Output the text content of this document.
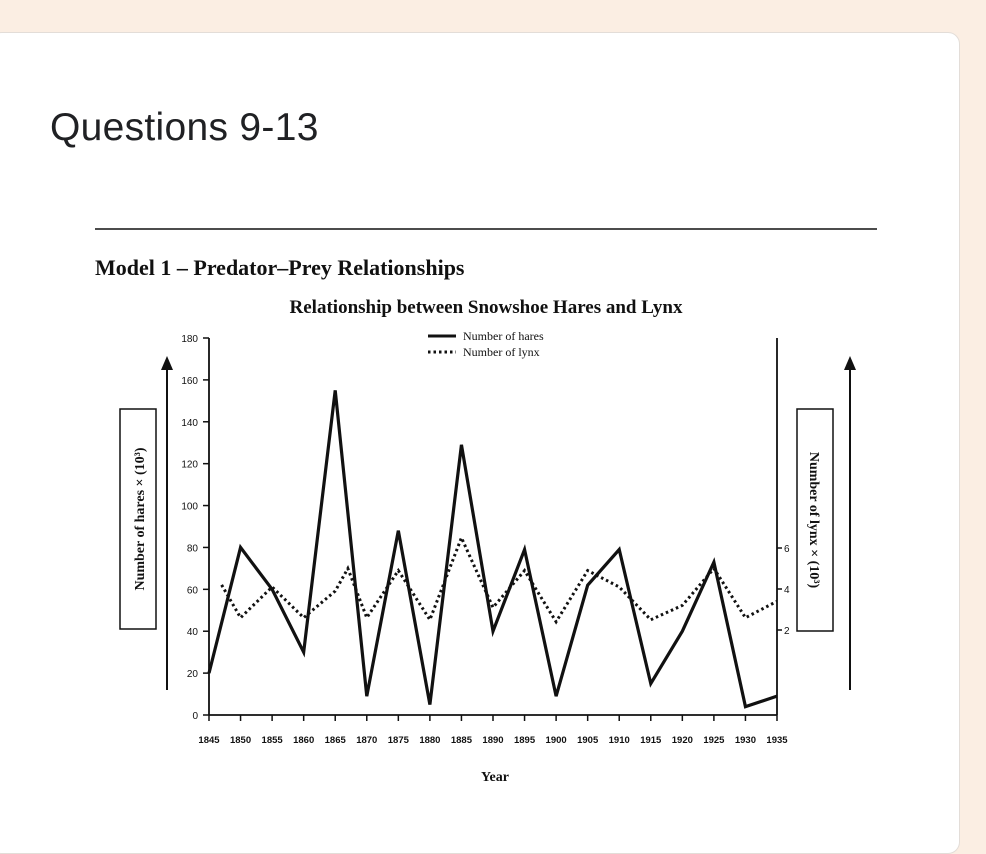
Questions 9-13
Model 1 – Predator–Prey Relationships
Relationship between Snowshoe Hares and Lynx
Number of hares
Number of lynx
0
20
40
60
80
100
120
140
160
180
2
4
6
1845 1850 1855 1860 1865 1870 1875 1880 1885 1890 1895 1900 1905 1910 1915 1920 1925 1930 1935
Number of hares × (10³)	Number of lynx × (10³)
Year
